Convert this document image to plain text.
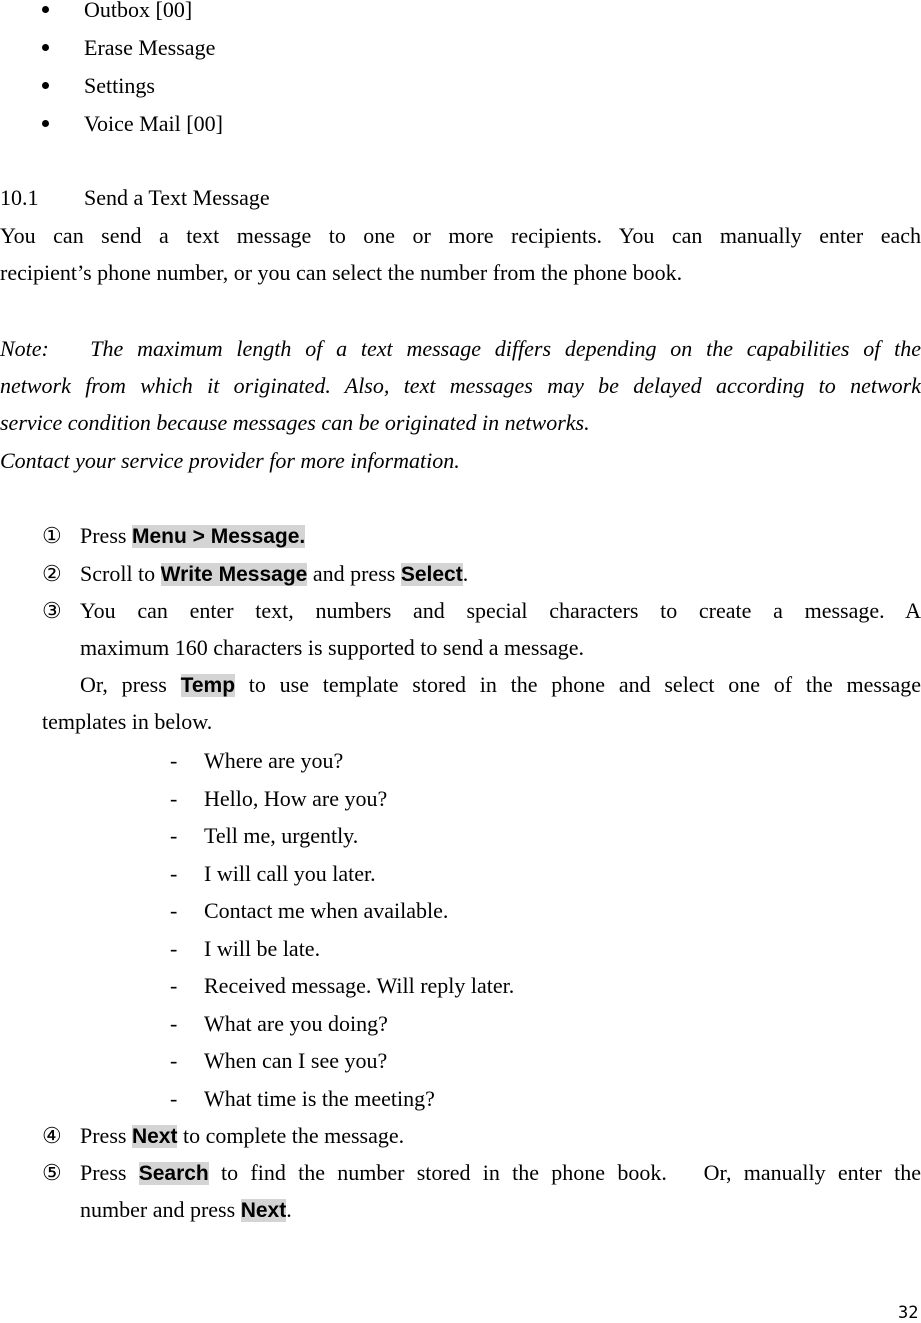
Outbox [00]
Erase Message
Settings
Voice Mail [00]
10.1 Send a Text Message
You can send a text message to one or more recipients. You can manually enter each
recipient’s phone number, or you can select the number from the phone book.
Note:   The maximum length of a text message differs depending on the capabilities of the
network from which it originated. Also, text messages may be delayed according to network
service condition because messages can be originated in networks.
Contact your service provider for more information.
① Press Menu > Message.
② Scroll to Write Message and press Select.
③ You can enter text, numbers and special characters to create a message. A
maximum 160 characters is supported to send a message.
Or, press Temp to use template stored in the phone and select one of the message
templates in below.
- Where are you?
- Hello, How are you?
- Tell me, urgently.
- I will call you later.
- Contact me when available.
- I will be late.
- Received message. Will reply later.
- What are you doing?
- When can I see you?
- What time is the meeting?
④ Press Next to complete the message.
⑤ Press Search to find the number stored in the phone book.   Or, manually enter the
number and press Next.
32
